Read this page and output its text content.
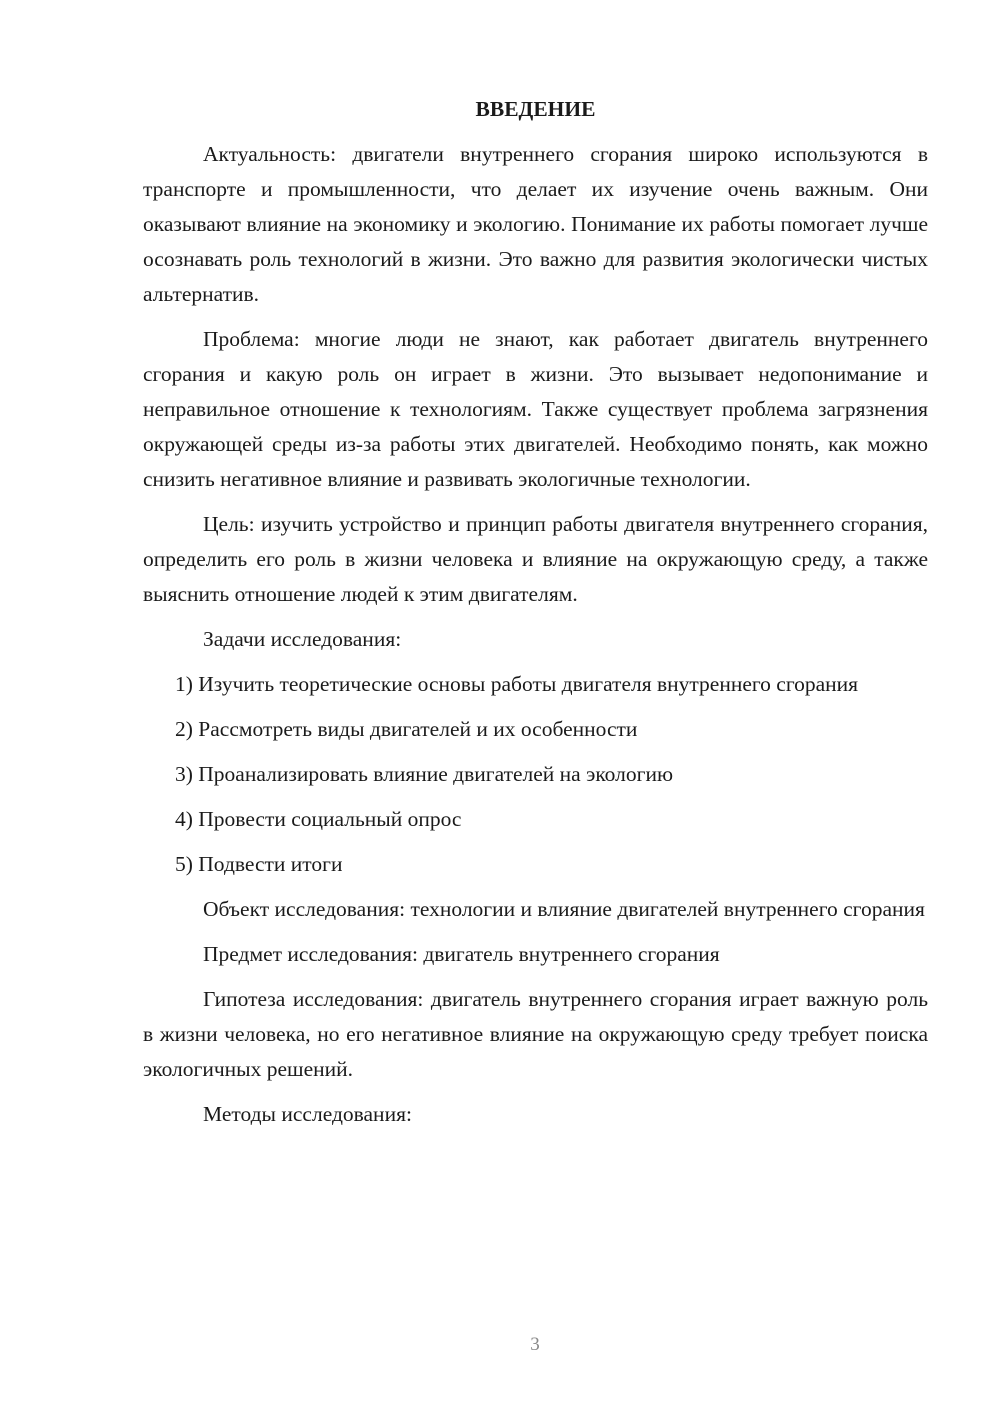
ВВЕДЕНИЕ

Актуальность: двигатели внутреннего сгорания широко используются в транспорте и промышленности, что делает их изучение очень важным. Они оказывают влияние на экономику и экологию. Понимание их работы помогает лучше осознавать роль технологий в жизни. Это важно для развития экологически чистых альтернатив.

Проблема: многие люди не знают, как работает двигатель внутреннего сгорания и какую роль он играет в жизни. Это вызывает недопонимание и неправильное отношение к технологиям. Также существует проблема загрязнения окружающей среды из-за работы этих двигателей. Необходимо понять, как можно снизить негативное влияние и развивать экологичные технологии.

Цель: изучить устройство и принцип работы двигателя внутреннего сгорания, определить его роль в жизни человека и влияние на окружающую среду, а также выяснить отношение людей к этим двигателям.

Задачи исследования:

1) Изучить теоретические основы работы двигателя внутреннего сгорания

2) Рассмотреть виды двигателей и их особенности

3) Проанализировать влияние двигателей на экологию

4) Провести социальный опрос

5) Подвести итоги

Объект исследования: технологии и влияние двигателей внутреннего сгорания

Предмет исследования: двигатель внутреннего сгорания

Гипотеза исследования: двигатель внутреннего сгорания играет важную роль в жизни человека, но его негативное влияние на окружающую среду требует поиска экологичных решений.

Методы исследования:

3
